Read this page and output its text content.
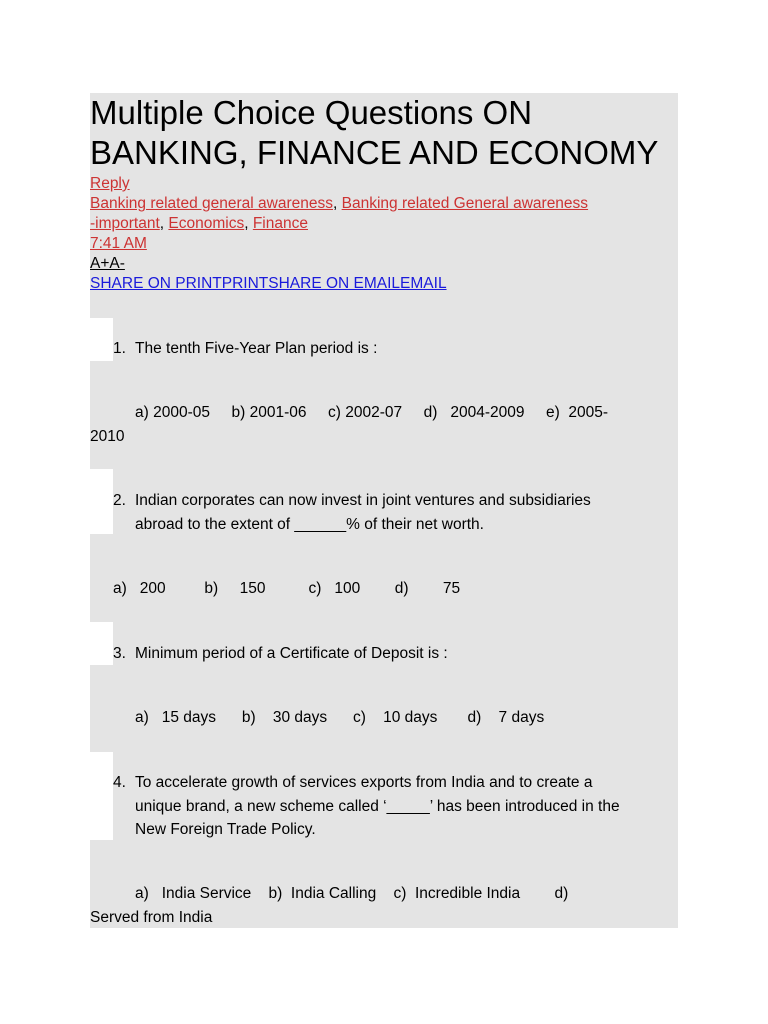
Multiple Choice Questions ON
BANKING, FINANCE AND ECONOMY
Reply
Banking related general awareness, Banking related General awareness
-important, Economics, Finance
7:41 AM
A+A-
SHARE ON PRINTPRINTSHARE ON EMAILEMAIL
1. The tenth Five-Year Plan period is :
a) 2000-05     b) 2001-06     c) 2002-07     d)   2004-2009     e)  2005-
2010
2. Indian corporates can now invest in joint ventures and subsidiaries
abroad to the extent of ______% of their net worth.
a)   200         b)     150          c)   100        d)        75
3. Minimum period of a Certificate of Deposit is :
a)   15 days      b)    30 days      c)    10 days       d)    7 days
4. To accelerate growth of services exports from India and to create a
unique brand, a new scheme called ‘_____’ has been introduced in the
New Foreign Trade Policy.
a)   India Service    b)  India Calling    c)  Incredible India        d)
Served from India
